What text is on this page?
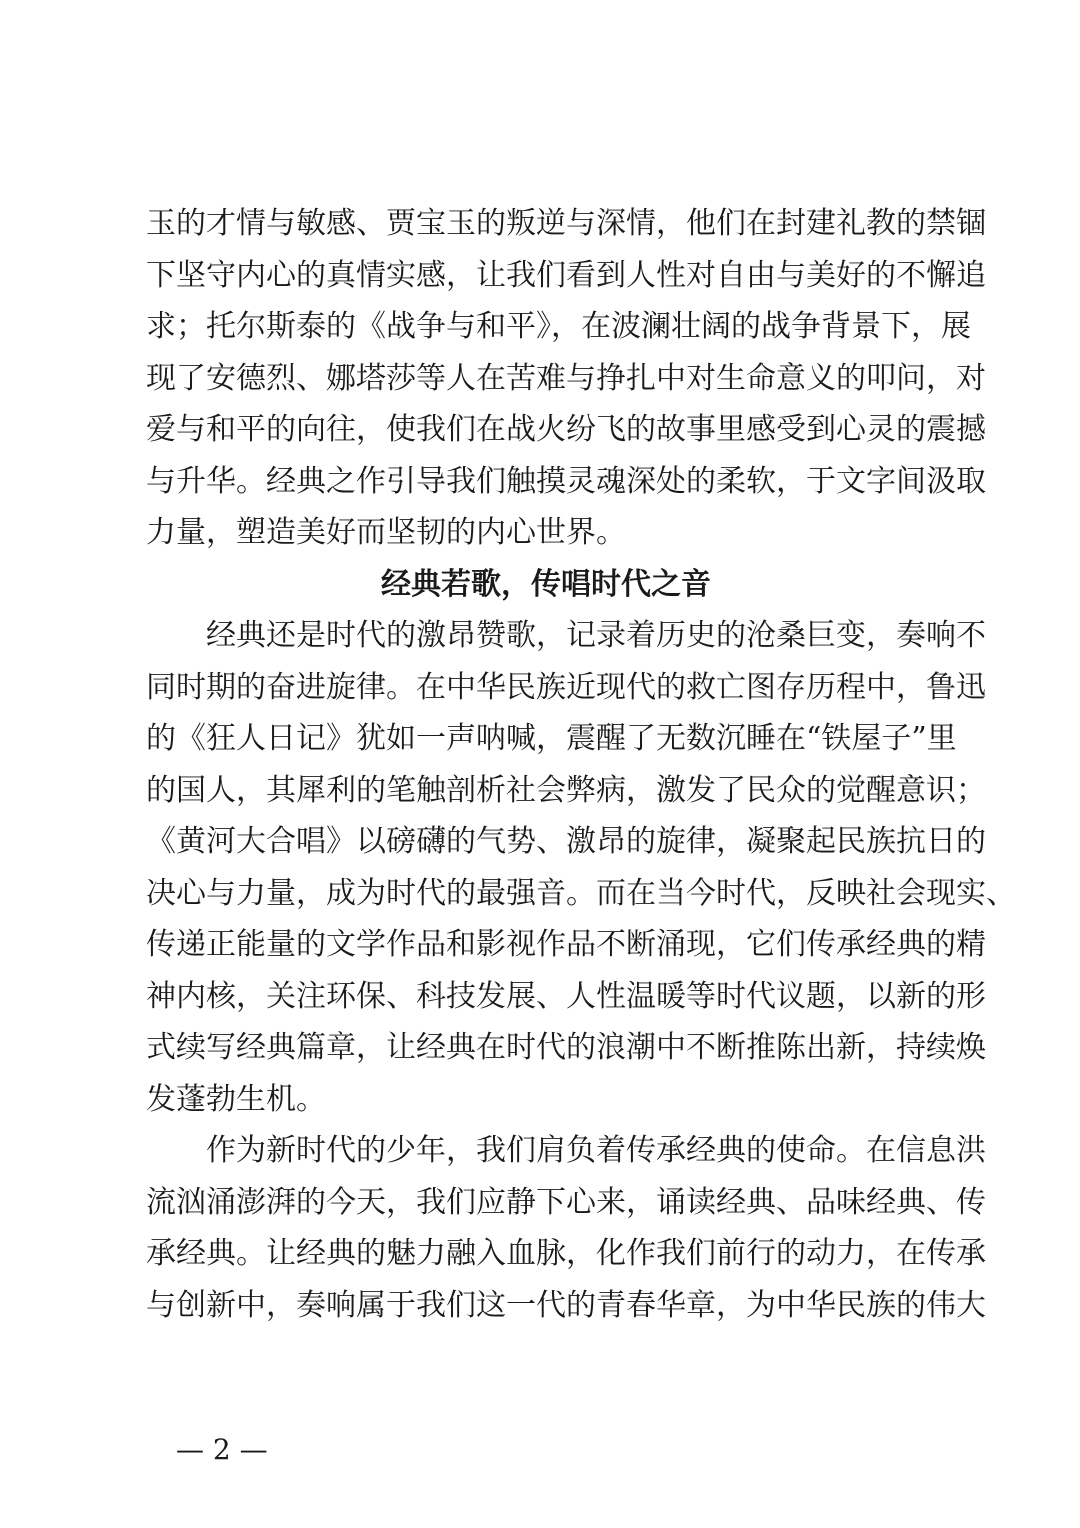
玉的才情与敏感、贾宝玉的叛逆与深情，他们在封建礼教的禁锢
下坚守内心的真情实感，让我们看到人性对自由与美好的不懈追
求；托尔斯泰的《战争与和平》，在波澜壮阔的战争背景下，展
现了安德烈、娜塔莎等人在苦难与挣扎中对生命意义的叩问，对
爱与和平的向往，使我们在战火纷飞的故事里感受到心灵的震撼
与升华。经典之作引导我们触摸灵魂深处的柔软，于文字间汲取
力量，塑造美好而坚韧的内心世界。
经典若歌，传唱时代之音
　　经典还是时代的激昂赞歌，记录着历史的沧桑巨变，奏响不
同时期的奋进旋律。在中华民族近现代的救亡图存历程中，鲁迅
的《狂人日记》犹如一声呐喊，震醒了无数沉睡在“铁屋子”里
的国人，其犀利的笔触剖析社会弊病，激发了民众的觉醒意识；
《黄河大合唱》以磅礴的气势、激昂的旋律，凝聚起民族抗日的
决心与力量，成为时代的最强音。而在当今时代，反映社会现实、
传递正能量的文学作品和影视作品不断涌现，它们传承经典的精
神内核，关注环保、科技发展、人性温暖等时代议题，以新的形
式续写经典篇章，让经典在时代的浪潮中不断推陈出新，持续焕
发蓬勃生机。
　　作为新时代的少年，我们肩负着传承经典的使命。在信息洪
流汹涌澎湃的今天，我们应静下心来，诵读经典、品味经典、传
承经典。让经典的魅力融入血脉，化作我们前行的动力，在传承
与创新中，奏响属于我们这一代的青春华章，为中华民族的伟大
— 2 —
